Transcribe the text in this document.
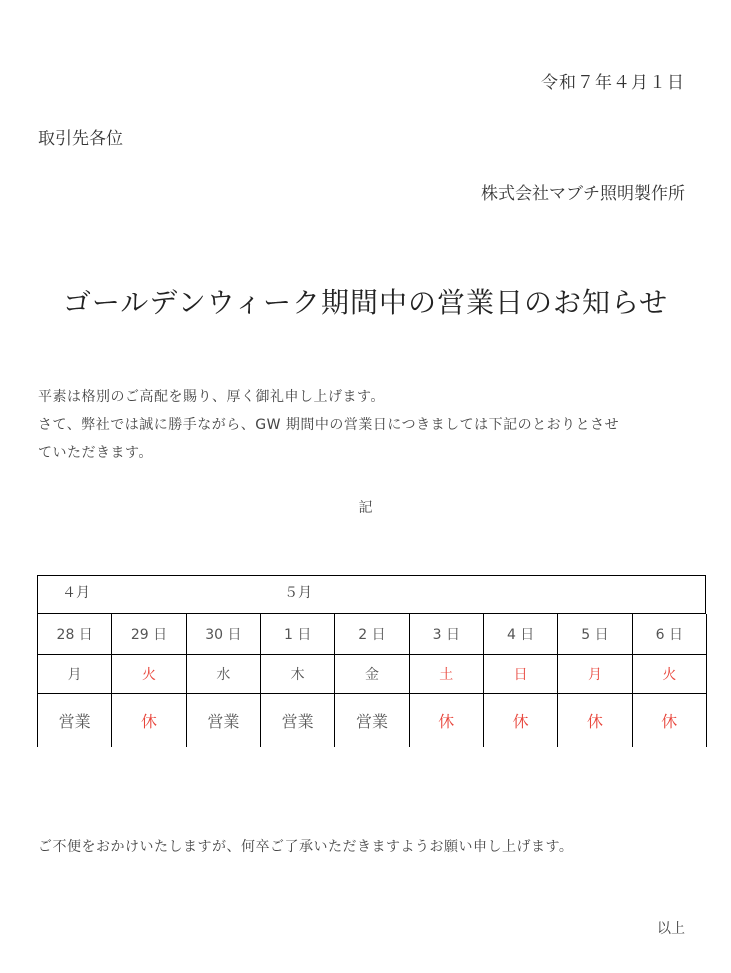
令和７年４月１日
取引先各位
株式会社マブチ照明製作所
ゴールデンウィーク期間中の営業日のお知らせ
平素は格別のご高配を賜り、厚く御礼申し上げます。
さて、弊社では誠に勝手ながら、GW 期間中の営業日につきましては下記のとおりとさせ
ていただきます。
記
４月	５月
28 日	29 日	30 日	1 日	2 日	3 日	4 日	5 日	6 日
月	火	水	木	金	土	日	月	火
営業	休	営業	営業	営業	休	休	休	休
ご不便をおかけいたしますが、何卒ご了承いただきますようお願い申し上げます。
以上
